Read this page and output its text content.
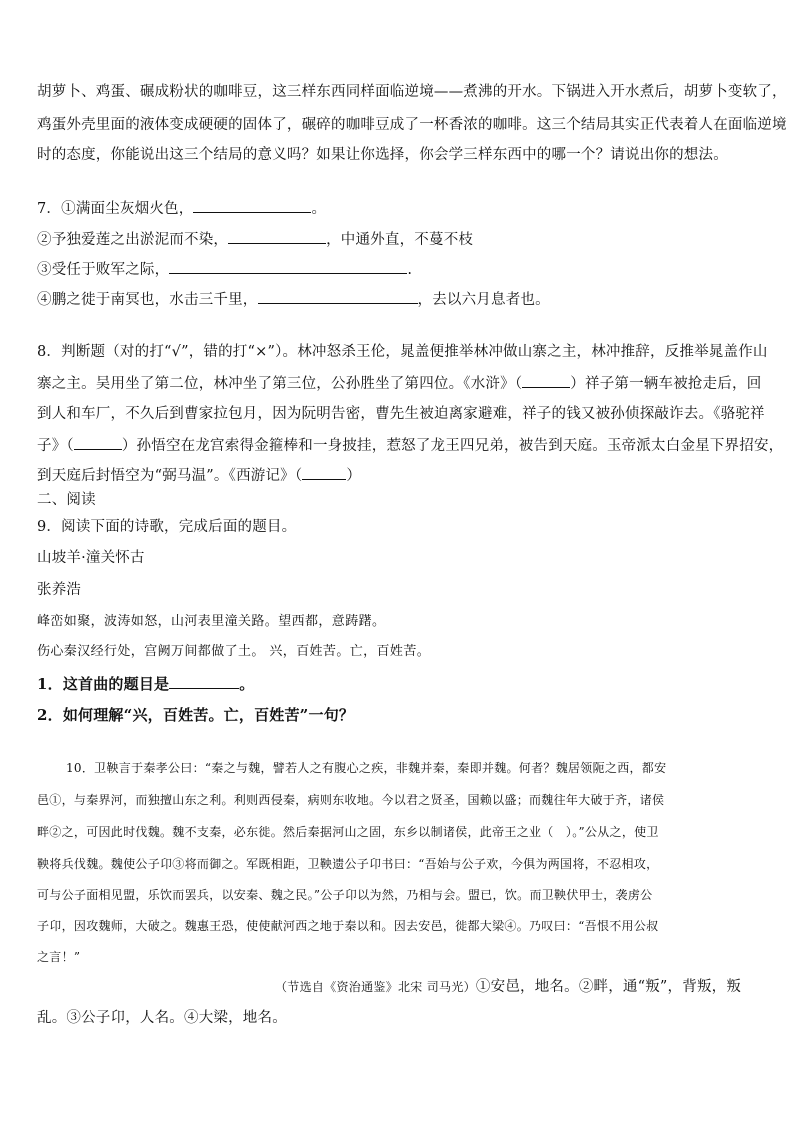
胡萝卜、鸡蛋、碾成粉状的咖啡豆，这三样东西同样面临逆境——煮沸的开水。下锅进入开水煮后，胡萝卜变软了，
鸡蛋外壳里面的液体变成硬硬的固体了，碾碎的咖啡豆成了一杯香浓的咖啡。这三个结局其实正代表着人在面临逆境
时的态度，你能说出这三个结局的意义吗？如果让你选择，你会学三样东西中的哪一个？请说出你的想法。
7．①满面尘灰烟火色，	。
②予独爱莲之出淤泥而不染，	，中通外直，不蔓不枝
③受任于败军之际，	.
④鹏之徙于南冥也，水击三千里，	，去以六月息者也。
8．判断题（对的打“√”，错的打“×”）。林冲怒杀王伦，晁盖便推举林冲做山寨之主，林冲推辞，反推举晁盖作山
寨之主。吴用坐了第二位，林冲坐了第三位，公孙胜坐了第四位。《水浒》（	）祥子第一辆车被抢走后，回
到人和车厂，不久后到曹家拉包月，因为阮明告密，曹先生被迫离家避难，祥子的钱又被孙侦探敲诈去。《骆驼祥
子》（	）孙悟空在龙宫索得金箍棒和一身披挂，惹怒了龙王四兄弟，被告到天庭。玉帝派太白金星下界招安，
到天庭后封悟空为“弼马温”。《西游记》（	）
二、阅读
9．阅读下面的诗歌，完成后面的题目。
山坡羊·潼关怀古
张养浩
峰峦如聚，波涛如怒，山河表里潼关路。望西都，意踌躇。
伤心秦汉经行处，宫阙万间都做了土。 兴，百姓苦。亡，百姓苦。
1．这首曲的题目是	。
2．如何理解“兴，百姓苦。亡，百姓苦”一句？
10．卫鞅言于秦孝公曰：“秦之与魏，譬若人之有腹心之疾，非魏并秦，秦即并魏。何者？魏居领阨之西，都安
邑①，与秦界河，而独擅山东之利。利则西侵秦，病则东收地。今以君之贤圣，国赖以盛；而魏往年大破于齐，诸侯
畔②之，可因此时伐魏。魏不支秦，必东徙。然后秦据河山之固，东乡以制诸侯，此帝王之业（　）。”公从之，使卫
鞅将兵伐魏。魏使公子卬③将而御之。军既相距，卫鞅遗公子卬书曰：“吾始与公子欢，今俱为两国将，不忍相攻，
可与公子面相见盟，乐饮而罢兵，以安秦、魏之民。”公子卬以为然，乃相与会。盟已，饮。而卫鞅伏甲士，袭虏公
子卬，因攻魏师，大破之。魏惠王恐，使使献河西之地于秦以和。因去安邑，徙都大梁④。乃叹曰：“吾恨不用公叔
之言！”
（节选自《资治通鉴》北宋 司马光）①安邑，地名。②畔，通“叛”，背叛，叛
乱。③公子卬，人名。④大梁，地名。
